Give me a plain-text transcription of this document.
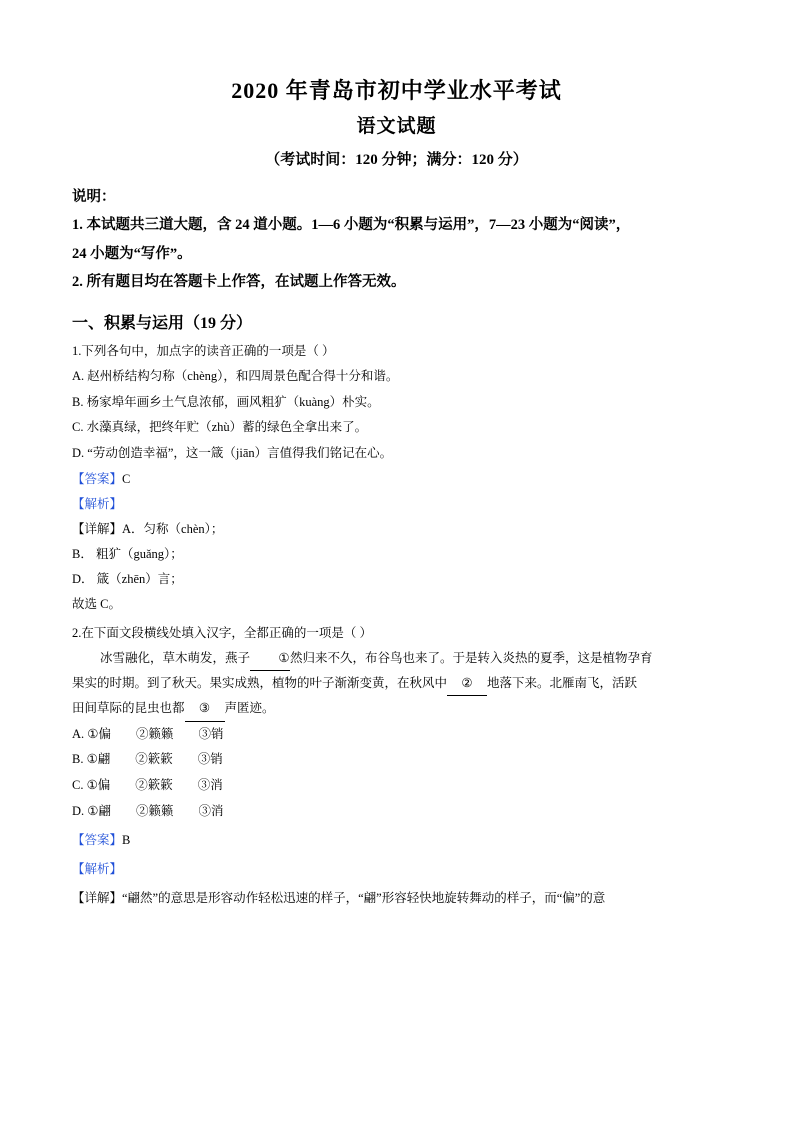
2020 年青岛市初中学业水平考试
语文试题
（考试时间：120 分钟；满分：120 分）
说明：
1. 本试题共三道大题，含 24 道小题。1—6 小题为“积累与运用”，7—23 小题为“阅读”，
24 小题为“写作”。
2. 所有题目均在答题卡上作答，在试题上作答无效。
一、积累与运用（19 分）
1.下列各句中，加点字的读音正确的一项是（ ）
A. 赵州桥结构匀称（chèng），和四周景色配合得十分和谐。
B. 杨家埠年画乡土气息浓郁，画风粗犷（kuàng）朴实。
C. 水藻真绿，把终年贮（zhù）蓄的绿色全拿出来了。
D. “劳动创造幸福”，这一箴（jiān）言值得我们铭记在心。
【答案】C
【解析】
【详解】A．匀称（chèn）；
B． 粗犷（guǎng）；
D． 箴（zhēn）言；
故选 C。
2.在下面文段横线处填入汉字，全都正确的一项是（ ）
冰雪融化，草木萌发，燕子 ①然归来不久，布谷鸟也来了。于是转入炎热的夏季，这是植物孕育
果实的时期。到了秋天。果实成熟，植物的叶子渐渐变黄，在秋风中 ② 地落下来。北雁南飞，活跃
田间草际的昆虫也都 ③ 声匿迹。
A. ①偏        ②籁籁        ③销
B. ①翩        ②簌簌        ③销
C. ①偏        ②簌簌        ③消
D. ①翩        ②籁籁        ③消
【答案】B
【解析】
【详解】“翩然”的意思是形容动作轻松迅速的样子，“翩”形容轻快地旋转舞动的样子，而“偏”的意
